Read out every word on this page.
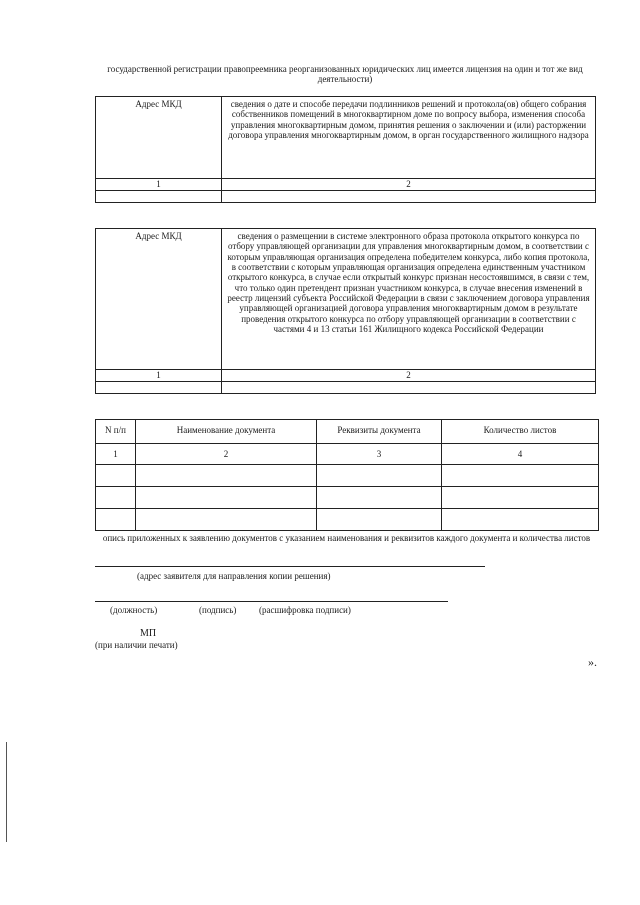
государственной регистрации правопреемника реорганизованных юридических лиц имеется лицензия на один и тот же вид деятельности)
Адрес МКД	сведения о дате и способе передачи подлинников решений и протокола(ов) общего собрания собственников помещений в многоквартирном доме по вопросу выбора, изменения способа управления многоквартирным домом, принятия решения о заключении и (или) расторжении договора управления многоквартирным домом, в орган государственного жилищного надзора

1	2

Адрес МКД	сведения о размещении в системе электронного образа протокола открытого конкурса по отбору управляющей организации для управления многоквартирным домом, в соответствии с которым управляющая организация определена победителем конкурса, либо копия протокола, в соответствии с которым управляющая организация определена единственным участником открытого конкурса, в случае если открытый конкурс признан несостоявшимся, в связи с тем, что только один претендент признан участником конкурса, в случае внесения изменений в реестр лицензий субъекта Российской Федерации в связи с заключением договора управления управляющей организацией договора управления многоквартирным домом в результате проведения открытого конкурса по отбору управляющей организации в соответствии с частями 4 и 13 статьи 161 Жилищного кодекса Российской Федерации

1	2

N п/п	Наименование документа	Реквизиты документа	Количество листов

1	2	3	4

опись приложенных к заявлению документов с указанием наименования и реквизитов каждого документа и количества листов
(адрес заявителя для направления копии решения)
(должность)	(подпись)	(расшифровка подписи)
МП
(при наличии печати)
».
